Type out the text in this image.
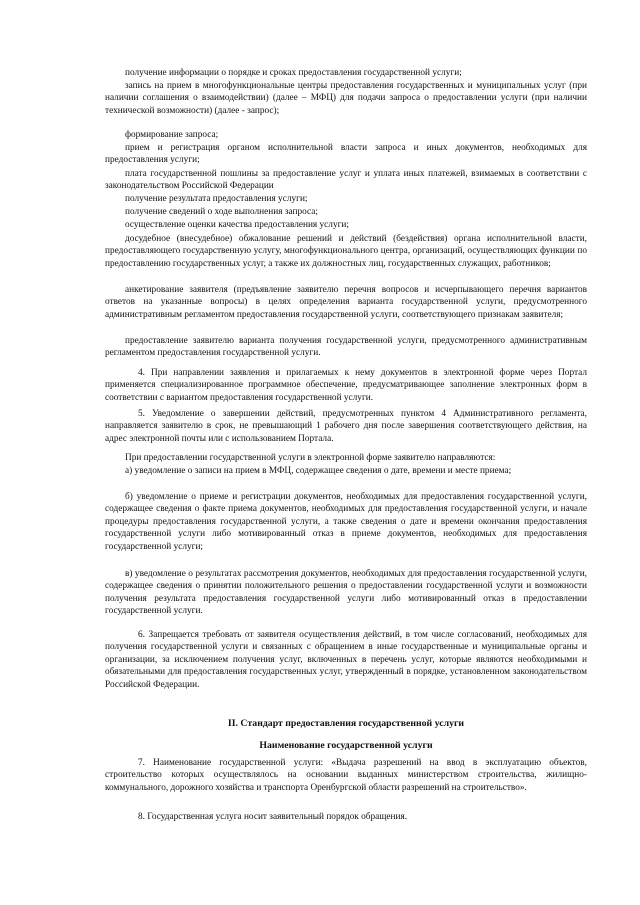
получение информации о порядке и сроках предоставления государственной услуги;

запись на прием в многофункциональные центры предоставления государственных и муниципальных услуг (при наличии соглашения о взаимодействии) (далее – МФЦ) для подачи запроса о предоставлении услуги (при наличии технической возможности) (далее - запрос);

формирование запроса;

прием и регистрация органом исполнительной власти запроса и иных документов, необходимых для предоставления услуги;

плата государственной пошлины за предоставление услуг и уплата иных платежей, взимаемых в соответствии с законодательством Российской Федерации

получение результата предоставления услуги;

получение сведений о ходе выполнения запроса;

осуществление оценки качества предоставления услуги;

досудебное (внесудебное) обжалование решений и действий (бездействия) органа исполнительной власти, предоставляющего государственную услугу, многофункционального центра, организаций, осуществляющих функции по предоставлению государственных услуг, а также их должностных лиц, государственных служащих, работников;

анкетирование заявителя (предъявление заявителю перечня вопросов и исчерпывающего перечня вариантов ответов на указанные вопросы) в целях определения варианта государственной услуги, предусмотренного административным регламентом предоставления государственной услуги, соответствующего признакам заявителя;

предоставление заявителю варианта получения государственной услуги, предусмотренного административным регламентом предоставления государственной услуги.

4. При направлении заявления и прилагаемых к нему документов в электронной форме через Портал применяется специализированное программное обеспечение, предусматривающее заполнение электронных форм в соответствии с вариантом предоставления государственной услуги.

5. Уведомление о завершении действий, предусмотренных пунктом 4 Административного регламента, направляется заявителю в срок, не превышающий 1 рабочего дня после завершения соответствующего действия, на адрес электронной почты или с использованием Портала.

При предоставлении государственной услуги в электронной форме заявителю направляются:

а) уведомление о записи на прием в МФЦ, содержащее сведения о дате, времени и месте приема;

б) уведомление о приеме и регистрации документов, необходимых для предоставления государственной услуги, содержащее сведения о факте приема документов, необходимых для предоставления государственной услуги, и начале процедуры предоставления государственной услуги, а также сведения о дате и времени окончания предоставления государственной услуги либо мотивированный отказ в приеме документов, необходимых для предоставления государственной услуги;

в) уведомление о результатах рассмотрения документов, необходимых для предоставления государственной услуги, содержащее сведения о принятии положительного решения о предоставлении государственной услуги и возможности получения результата предоставления государственной услуги либо мотивированный отказ в предоставлении государственной услуги.

6. Запрещается требовать от заявителя осуществления действий, в том числе согласований, необходимых для получения государственной услуги и связанных с обращением в иные государственные и муниципальные органы и организации, за исключением получения услуг, включенных в перечень услуг, которые являются необходимыми и обязательными для предоставления государственных услуг, утвержденный в порядке, установленном законодательством Российской Федерации.

II. Стандарт предоставления государственной услуги

Наименование государственной услуги

7. Наименование государственной услуги: «Выдача разрешений на ввод в эксплуатацию объектов, строительство которых осуществлялось на основании выданных министерством строительства, жилищно-коммунального, дорожного хозяйства и транспорта Оренбургской области разрешений на строительство».

8. Государственная услуга носит заявительный порядок обращения.
